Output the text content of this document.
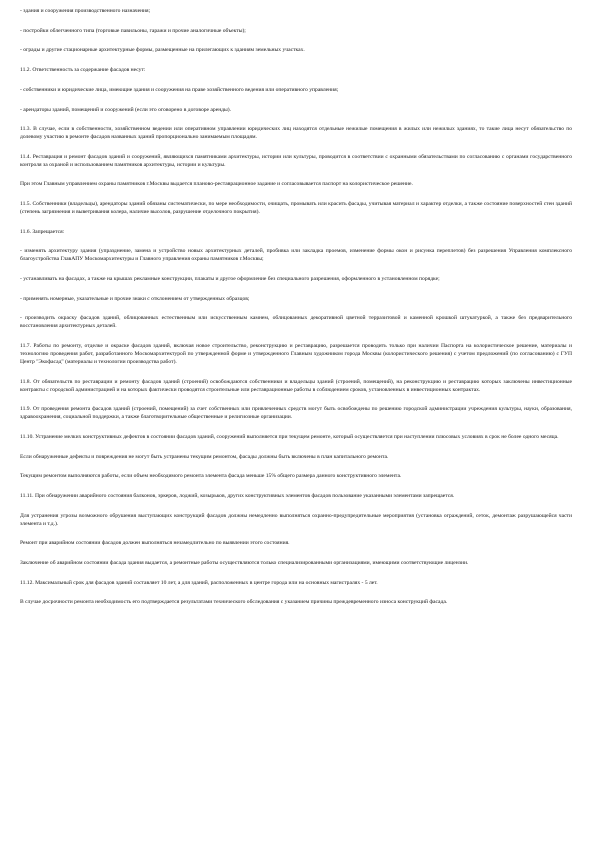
- здания и сооружения производственного назначения;

- постройки облегченного типа (торговые павильоны, гаражи и прочие аналогичные объекты);

- ограды и другие стационарные архитектурные формы, размещенные на прилегающих к зданиям земельных участках.

11.2. Ответственность за содержание фасадов несут:

- собственники и юридические лица, имеющие здания и сооружения на праве хозяйственного ведения или оперативного управления;

- арендаторы зданий, помещений и сооружений (если это оговорено в договоре аренды).

11.3. В случае, если в собственности, хозяйственном ведении или оперативном управлении юридических лиц находятся отдельные нежилые помещения в жилых или нежилых зданиях, то такие лица несут обязательство по долевому участию в ремонте фасадов названных зданий пропорционально занимаемым площадям.

11.4. Реставрация и ремонт фасадов зданий и сооружений, являющихся памятниками архитектуры, истории или культуры, проводится в соответствии с охранными обязательствами по согласованию с органами государственного контроля за охраной и использованием памятников архитектуры, истории и культуры.

При этом Главным управлением охраны памятников г.Москвы выдается планово-реставрационное задание и согласовывается паспорт на колористическое решение.

11.5. Собственники (владельцы), арендаторы зданий обязаны систематически, по мере необходимости, очищать, промывать или красить фасады, учитывая материал и характер отделки, а также состояние поверхностей стен зданий (степень загрязнения и выветривания колера, наличие высолов, разрушение отделочного покрытия).

11.6. Запрещается:

- изменять архитектуру здания (упразднение, замена и устройство новых архитектурных деталей, пробивка или закладка проемов, изменение формы окон и рисунка переплетов) без разрешения Управления комплексного благоустройства ГлавАПУ Москомархитектуры и Главного управления охраны памятников г.Москвы;

- устанавливать на фасадах, а также на крышах рекламные конструкции, плакаты и другое оформление без специального разрешения, оформленного в установленном порядке;

- применять номерные, указательные и прочие знаки с отклонением от утвержденных образцов;

- производить окраску фасадов зданий, облицованных естественным или искусственным камнем, облицованных декоративной цветной терразитовой и каменной крошкой штукатуркой, а также без предварительного восстановления архитектурных деталей.

11.7. Работы по ремонту, отделке и окраске фасадов зданий, включая новое строительство, реконструкцию и реставрацию, разрешается проводить только при наличии Паспорта на колористическое решение, материалы и технологию проведения работ, разработанного Москомархитектурой по утвержденной форме и утвержденного Главным художником города Москвы (колористического решения) с учетом предложений (по согласованию) с ГУП Центр "Экофасад" (материалы и технологии производства работ).

11.8. От обязательств по реставрации и ремонту фасадов зданий (строений) освобождаются собственники и владельцы зданий (строений, помещений), на реконструкцию и реставрацию которых заключены инвестиционные контракты с городской администрацией и на которых фактически проводятся строительные или реставрационные работы в соблюдением сроков, установленных в инвестиционных контрактах.

11.9. От проведения ремонта фасадов зданий (строений, помещений) за счет собственных или привлеченных средств могут быть освобождены по решению городской администрации учреждения культуры, науки, образования, здравоохранения, социальной поддержки, а также благотворительные общественные и религиозные организации.

11.10. Устранение мелких конструктивных дефектов в состоянии фасадов зданий, сооружений выполняется при текущем ремонте, который осуществляется при наступлении плюсовых условиях в срок не более одного месяца.

Если обнаруженные дефекты и повреждения не могут быть устранены текущим ремонтом, фасады должны быть включены в план капитального ремонта.

Текущим ремонтом выполняются работы, если объем необходимого ремонта элемента фасада меньше 15% общего размера данного конструктивного элемента.

11.11. При обнаружении аварийного состояния балконов, эркеров, лоджий, козырьков, других конструктивных элементов фасадов пользование указанными элементами запрещается.

Для устранения угрозы возможного обрушения выступающих конструкций фасадов должны немедленно выполняться охранно-предупредительные мероприятия (установка ограждений, сеток, демонтаж разрушающейся части элемента и т.д.).

Ремонт при аварийном состоянии фасадов должен выполняться незамедлительно по выявлении этого состояния.

Заключение об аварийном состоянии фасада здания выдается, а ремонтные работы осуществляются только специализированными организациями, имеющими соответствующие лицензии.

11.12. Максимальный срок для фасадов зданий составляет 10 лет, а для зданий, расположенных в центре города или на основных магистралях - 5 лет.

В случае досрочности ремонта необходимость его подтверждается результатами технического обследования с указанием причины преждевременного износа конструкций фасада.
